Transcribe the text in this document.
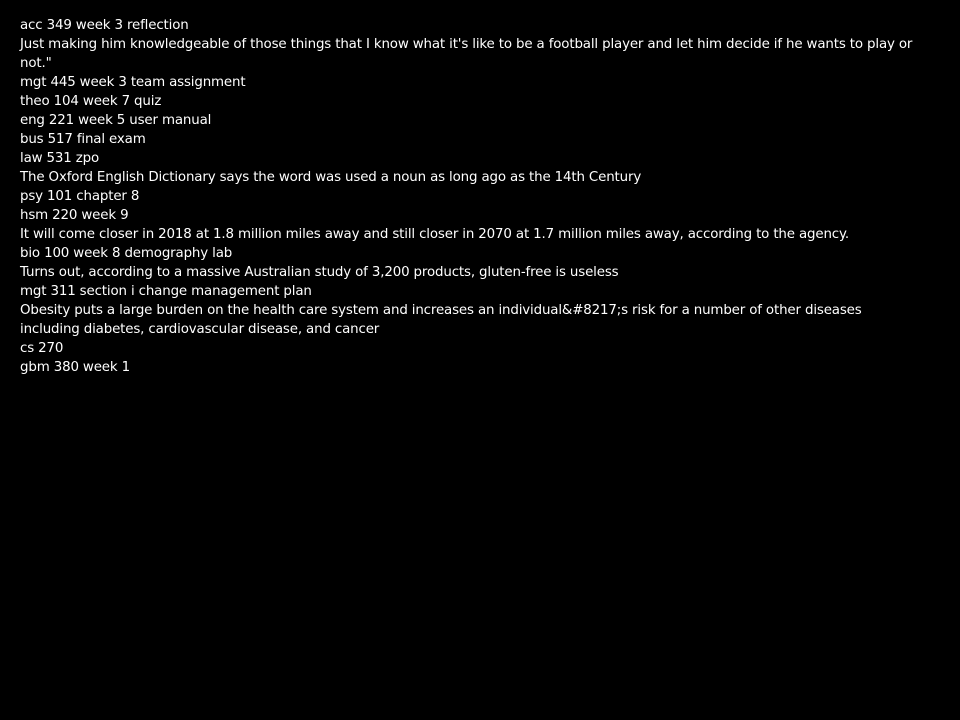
acc 349 week 3 reflection
Just making him knowledgeable of those things that I know what it's like to be a football player and let him decide if he wants to play or not."
mgt 445 week 3 team assignment
theo 104 week 7 quiz
eng 221 week 5 user manual
bus 517 final exam
law 531 zpo
The Oxford English Dictionary says the word was used a noun as long ago as the 14th Century
psy 101 chapter 8
hsm 220 week 9
It will come closer in 2018 at 1.8 million miles away and still closer in 2070 at 1.7 million miles away, according to the agency.
bio 100 week 8 demography lab
Turns out, according to a massive Australian study of 3,200 products, gluten-free is useless
mgt 311 section i change management plan
Obesity puts a large burden on the health care system and increases an individual&#8217;s risk for a number of other diseases including diabetes, cardiovascular disease, and cancer
cs 270
gbm 380 week 1
